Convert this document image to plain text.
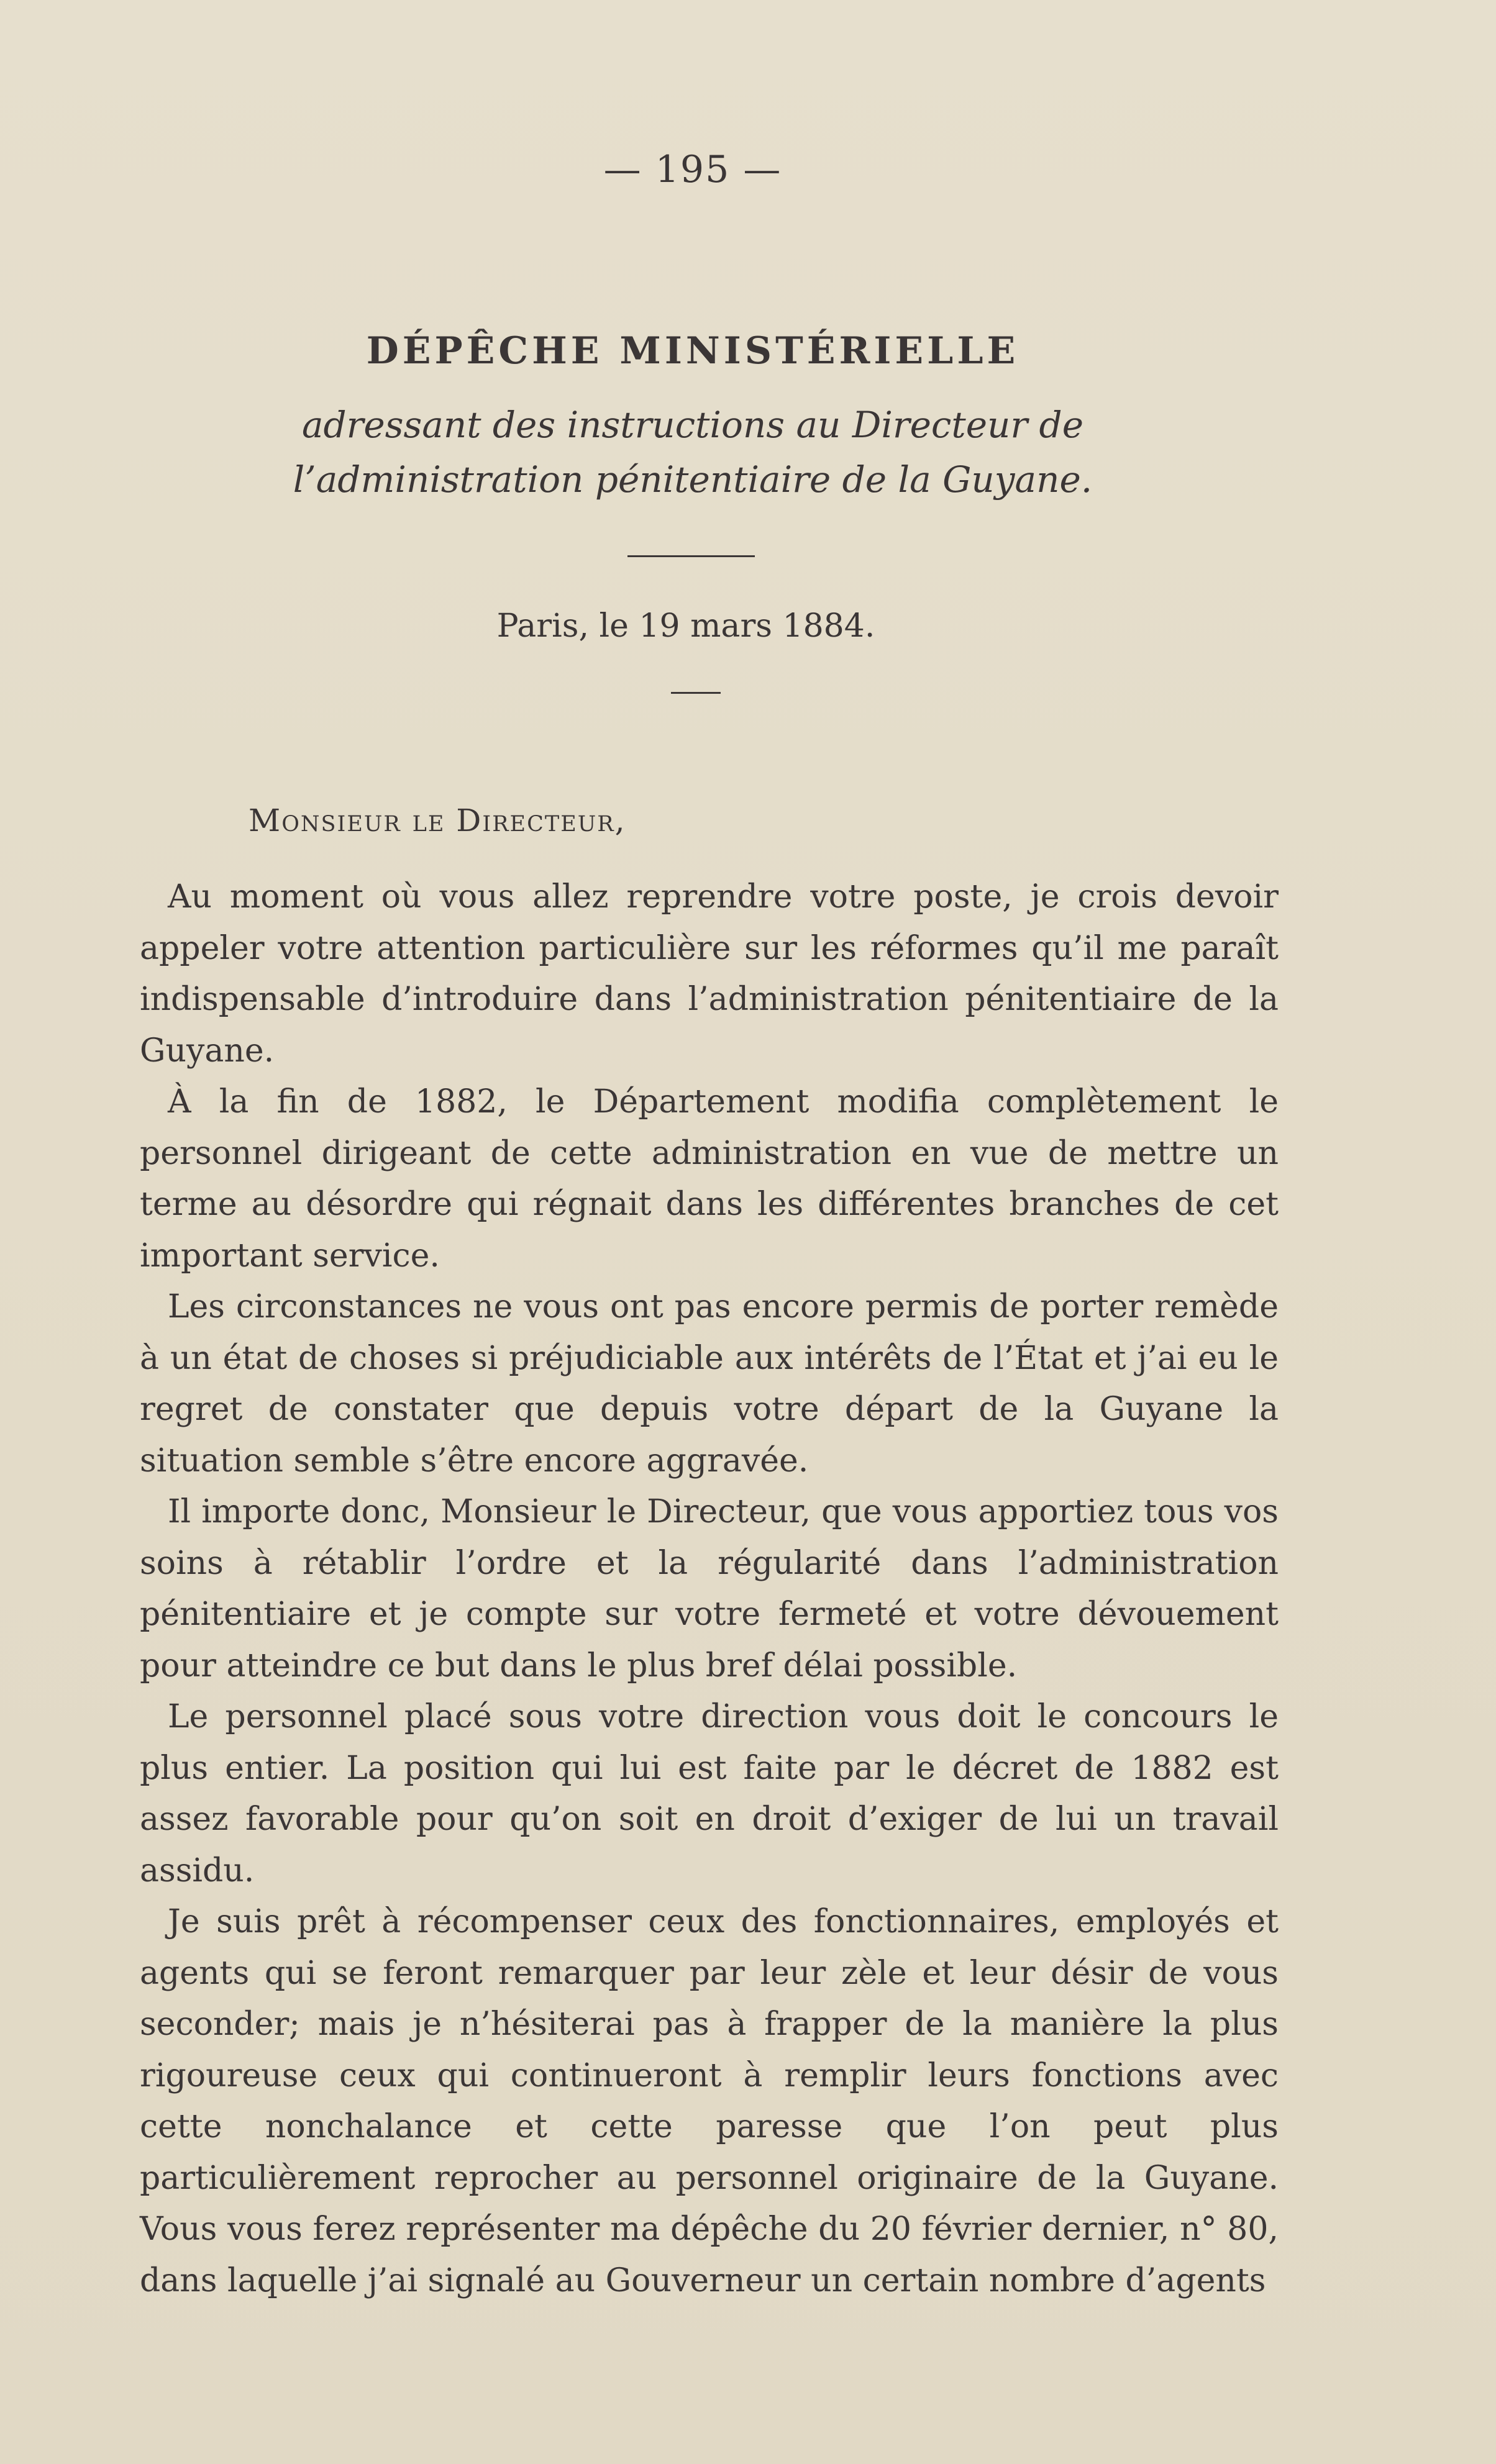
— 195 —
DÉPÊCHE MINISTÉRIELLE
adressant des instructions au Directeur de l’administration pénitentiaire de la Guyane.
Paris, le 19 mars 1884.
Monsieur le Directeur,

Au moment où vous allez reprendre votre poste, je crois devoir appeler votre attention particulière sur les réformes qu’il me paraît indispensable d’introduire dans l’administration pénitentiaire de la Guyane.

À la fin de 1882, le Département modifia complètement le personnel dirigeant de cette administration en vue de mettre un terme au désordre qui régnait dans les différentes branches de cet important service.

Les circonstances ne vous ont pas encore permis de porter remède à un état de choses si préjudiciable aux intérêts de l’État et j’ai eu le regret de constater que depuis votre départ de la Guyane la situation semble s’être encore aggravée.

Il importe donc, Monsieur le Directeur, que vous apportiez tous vos soins à rétablir l’ordre et la régularité dans l’administration pénitentiaire et je compte sur votre fermeté et votre dévouement pour atteindre ce but dans le plus bref délai possible.

Le personnel placé sous votre direction vous doit le concours le plus entier. La position qui lui est faite par le décret de 1882 est assez favorable pour qu’on soit en droit d’exiger de lui un travail assidu.

Je suis prêt à récompenser ceux des fonctionnaires, employés et agents qui se feront remarquer par leur zèle et leur désir de vous seconder; mais je n’hésiterai pas à frapper de la manière la plus rigoureuse ceux qui continueront à remplir leurs fonctions avec cette nonchalance et cette paresse que l’on peut plus particulièrement reprocher au personnel originaire de la Guyane. Vous vous ferez représenter ma dépêche du 20 février dernier, n° 80, dans laquelle j’ai signalé au Gouverneur un certain nombre d’agents
